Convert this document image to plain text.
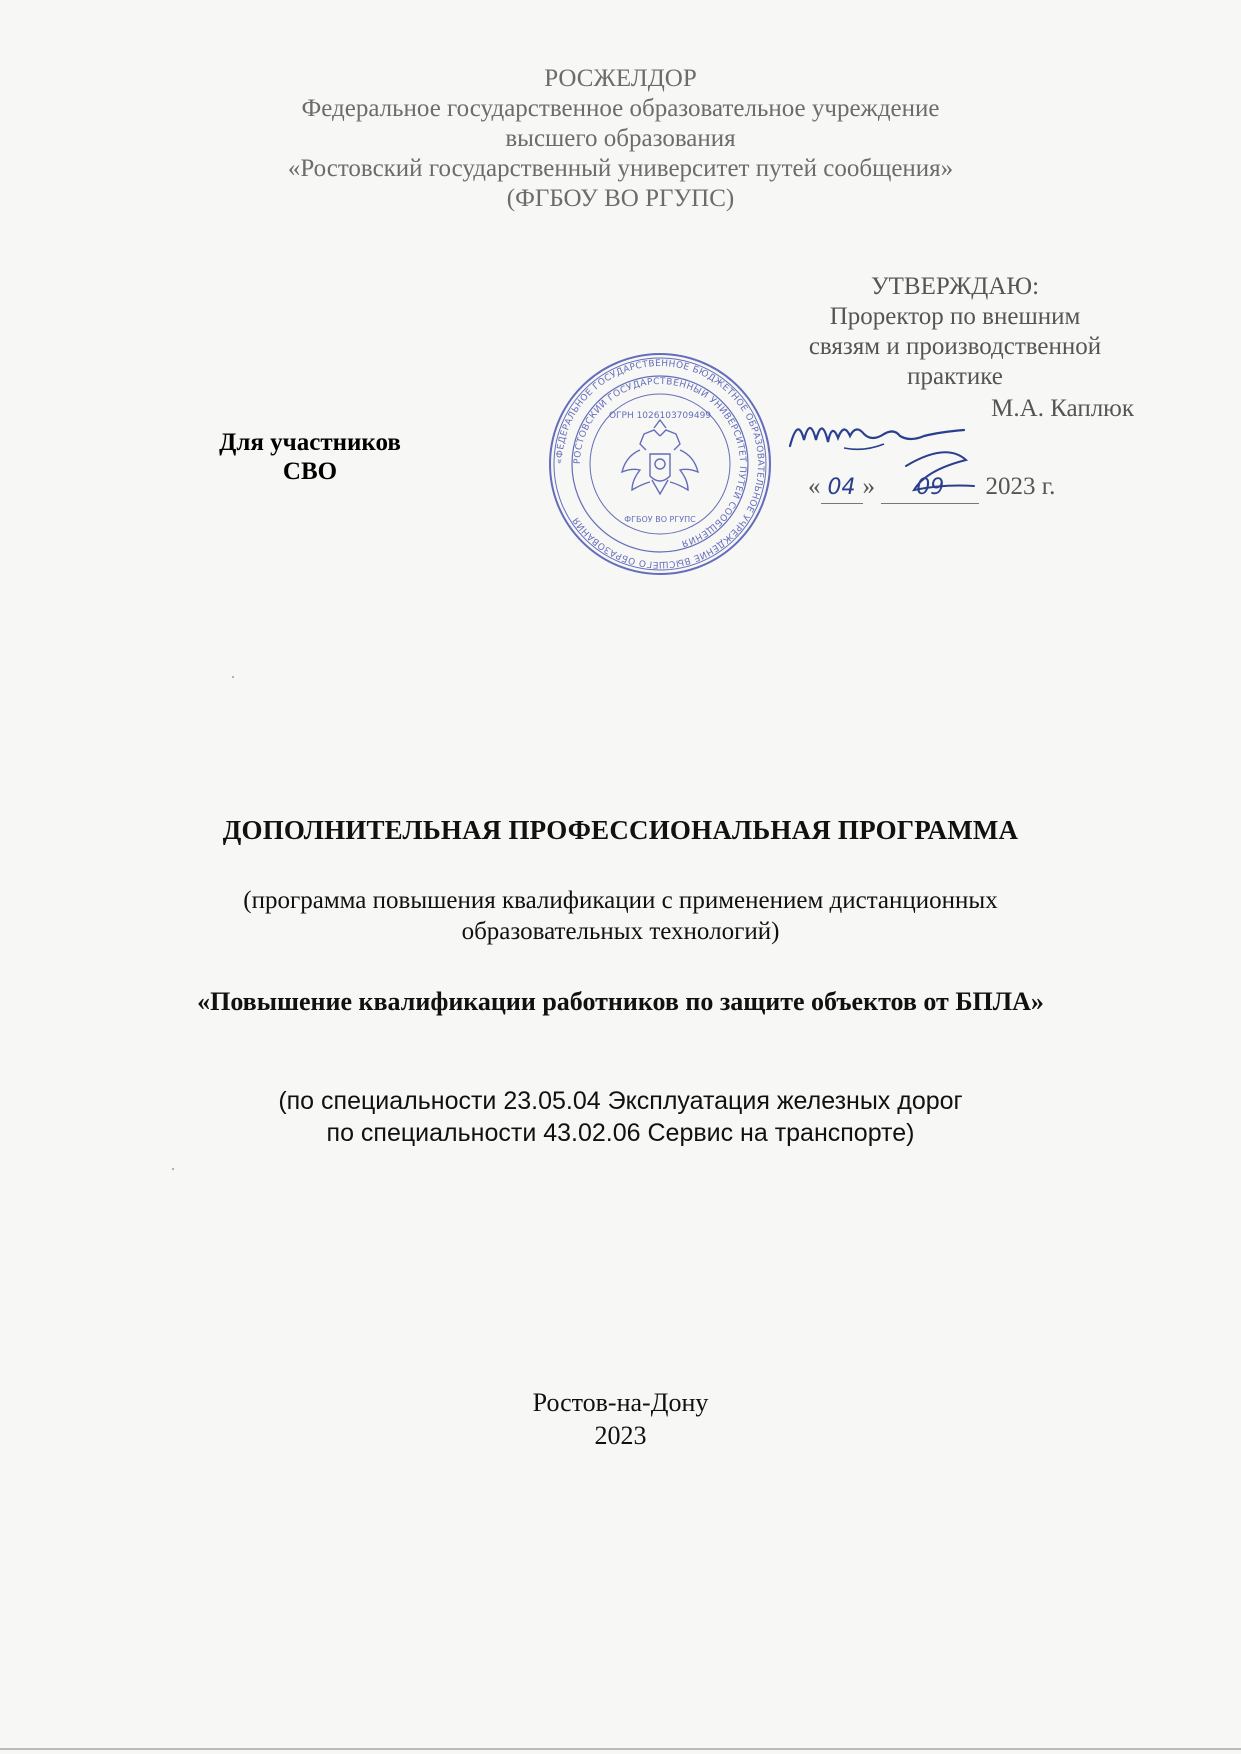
РОСЖЕЛДОР
Федеральное государственное образовательное учреждение
высшего образования
«Ростовский государственный университет путей сообщения»
(ФГБОУ ВО РГУПС)
УТВЕРЖДАЮ:
Проректор по внешним
связям и производственной
практике
М.А. Каплюк
« 04 » 09 2023 г.
Для участников
СВО	«ФЕДЕРАЛЬНОЕ ГОСУДАРСТВЕННОЕ БЮДЖЕТНОЕ ОБРАЗОВАТЕЛЬНОЕ УЧРЕЖДЕНИЕ ВЫСШЕГО ОБРАЗОВАНИЯ
РОСТОВСКИЙ ГОСУДАРСТВЕННЫЙ УНИВЕРСИТЕТ ПУТЕЙ СООБЩЕНИЯ
ОГРН 1026103709499
ФГБОУ ВО РГУПС
ДОПОЛНИТЕЛЬНАЯ ПРОФЕССИОНАЛЬНАЯ ПРОГРАММА
(программа повышения квалификации с применением дистанционных
образовательных технологий)
«Повышение квалификации работников по защите объектов от БПЛА»
(по специальности 23.05.04 Эксплуатация железных дорог
по специальности 43.02.06 Сервис на транспорте)
Ростов-на-Дону
2023
